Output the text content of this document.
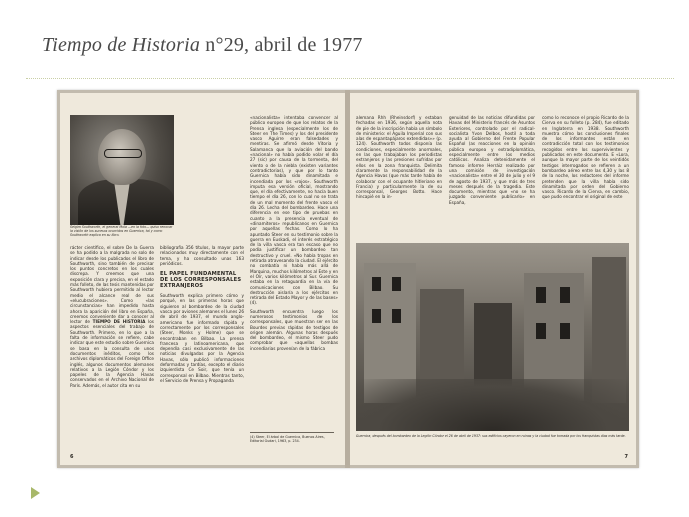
Tiempo de Historia n°29, abril de 1977
Seigim Southworth, el general Mola —en la foto— quiso renovar la visión de los sucesos ocurridos en Guernica, tal y como Southworth explica en su libro.

rácter científico, el sobre De la Guerra se ha podido a la malgrada no solo de indicar desde los publicados el libro de Southworth, sino también de precisar los puntos concretos en los cuales discrepa. Y creemos que una exposición clara y precisa, en el estado más folleto, de las tesis mantenidas por Southworth hubiera permitido al lector medio el alcance real de sus «elucubraciones». Como «las circunstancias» han impedido hasta ahora la aparición del libro en España, creemos conveniente dar a conocer al lector de TIEMPO DE HISTORIA los aspectos esenciales del trabajo de Southworth. Primero, en lo que a la falta de información se refiere, cabe indicar que este estudio sobre Guernica se basa en la consulta de unos documentos inéditos, como los archivos diplomáticos del Foreign Office inglés, algunos documentos alemanes relativos a la Legión Cóndor y los papeles de la Agencia Havas conservados en el Archivo Nacional de París. Además, el autor cita en su

bibliografía 356 títulos, la mayor parte relacionados muy directamente con el tema, y ha consultado unas 163 periódicos.

EL PAPEL FUNDAMENTAL DE LOS CORRESPONSALES EXTRANJEROS

Southworth explica primero cómo y porqué, en las primeras horas que siguieron al bombardeo de la ciudad vasca por aviones alemanes el lunes 26 de abril de 1937, el mundo anglo-americano fue informado rápida y correctamente por los corresponsales (Steer, Monks y Holme) que se encontraban en Bilbao. La prensa francesa y latinoamericana, que dependía casi exclusivamente de las noticias divulgadas por la Agencia Havas, sólo publicó informaciones deformadas y tardías, excepto el diario izquierdista Ce Soir, que tenía un corresponsal en Bilbao. Mientras tanto, el Servicio de Prensa y Propaganda

«nacionalista» intentaba convencer al público europeo de que los relatos de la Prensa inglesa (especialmente los de Steer en The Times) y los del presidente vasco Aguirre eran falsedades y mentiras. Se afirmó desde Vitoria y Salamanca que la aviación del bando «nacional» no había podido volar el día 27 (sic) por causa de la tormenta, del viento o de la niebla (existen variantes contradictorias), y que por lo tanto Guernica había sido dinamitada e incendiada por los «rojos». Southworth imputa esa versión oficial, mostrando que, el día efectivamente, no hacía buen tiempo el día 26, con lo cual no se trata de un mal momento del frente vasco el día 26. Lecha del bombardeo. Hace una diferencia en ese tipo de pruebas en cuanto a la presencia eventual de «dinamiteros» republicanos en Guernica por aquellas fechas. Como lo ha apuntado Steer en su testimonio sobre la guerra en Euskadi, el interés estratégico de la villa vasca era tan escaso que no podía justificar un bombardeo tan destructivo y cruel. «No había tropas en retirada atravesando la ciudad. El ejército no combatía ni había más allá de Marquina, muchos kilómetros al Este y en el Oír, varios kilómetros al Sur. Guernica estaba en la retaguardia en la vía de comunicaciones con Bilbao. Su destrucción aislaría a los ejércitos en retirada del Estado Mayor y de las bases» (4).

Southworth encuentra luego los numerosos testimonios de los corresponsales, que muestran ser en las Bourdes previas rápidas de testigos de origen alemán. Algunas horas después del bombardeo, el mismo Steer pudo comprobar que «aquellas bombas incendiarias provenían de la fábrica

6

alemana Rhh (Rheinsdorf) y estaban fechadas en 1936, según aquella nota de pie de la inscripción había un símbolo de ministerio: el Aguila Imperial con sus alas de espantapájaros extendidas»» (p. 124). Southworth todos disponía las condiciones, especialmente anormales, en las que trabajaban los periodistas extranjeros y las presiones sufridas por ellos en la zona franquista. Delimita claramente la responsabilidad de la Agencia Havas (que más tarde había de colaborar con el ocupante hitleriano en Francia) y particularmente la de su corresponsal, Georges Botto. Hace hincapié en la in-

genuidad de las noticias difundidas por Havas del Ministerio francés de Asuntos Exteriores, controlado por el radical-socialista Yvon Delbos, hostil a toda ayuda al Gobierno del Frente Popular Español (as reacciones en la opinión pública europea y extradiplomática, especialmente entre los medios católicos. Analiza detenidamente el famoso informe Herráiz realizado por una comisión de investigación «nacionalista» entre el 30 de julio y el 9 de agosto de 1937, y que más de tres meses después de la tragedia. Este documento, mientras que «no se ha juzgado conveniente publicarlo» en España,

como lo reconoce el propio Ricardo de la Cierva en su folleto (p. 284), fue editado en Inglaterra en 1938. Southworth muestra cómo las conclusiones finales de los informantes están en contradicción total con los testimonios recogidos entre los supervivientes y publicados en este documento. E «Lora, aunque la mayor parte de los veintidós testigos interrogados se refieren a un bombardeo aéreo entre las 4,30 y las 8 de la noche, los redactores del informe pretenden que la villa había sido dinamitada por orden del Gobierno vasco. Ricardo de la Cierva, en cambio, que pudo encontrar el original de este

Guernica, después del bombardeo de la Legión Cóndor el 26 de abril de 1937: sus edificios cayeron en ruinas y la ciudad fue tomada por los franquistas días más tarde.
7
(4) Steer, El árbol de Guernica, Buenos Aires, Editorial Gudari, 1963, p. 234.
